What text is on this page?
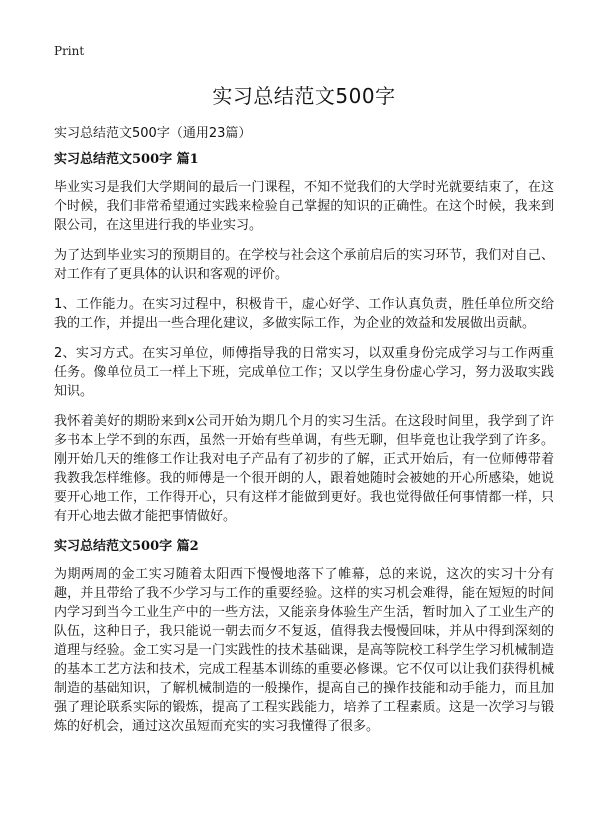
Print
实习总结范文500字

实习总结范文500字（通用23篇）

实习总结范文500字 篇1

毕业实习是我们大学期间的最后一门课程，不知不觉我们的大学时光就要结束了，在这个时候，我们非常希望通过实践来检验自己掌握的知识的正确性。在这个时候，我来到限公司，在这里进行我的毕业实习。

为了达到毕业实习的预期目的。在学校与社会这个承前启后的实习环节，我们对自己、对工作有了更具体的认识和客观的评价。

1、工作能力。在实习过程中，积极肯干，虚心好学、工作认真负责，胜任单位所交给我的工作，并提出一些合理化建议，多做实际工作，为企业的效益和发展做出贡献。

2、实习方式。在实习单位，师傅指导我的日常实习，以双重身份完成学习与工作两重任务。像单位员工一样上下班，完成单位工作；又以学生身份虚心学习，努力汲取实践知识。

我怀着美好的期盼来到x公司开始为期几个月的实习生活。在这段时间里，我学到了许多书本上学不到的东西，虽然一开始有些单调，有些无聊，但毕竟也让我学到了许多。刚开始几天的维修工作让我对电子产品有了初步的了解，正式开始后，有一位师傅带着我教我怎样维修。我的师傅是一个很开朗的人，跟着她随时会被她的开心所感染，她说要开心地工作，工作得开心，只有这样才能做到更好。我也觉得做任何事情都一样，只有开心地去做才能把事情做好。

实习总结范文500字 篇2

为期两周的金工实习随着太阳西下慢慢地落下了帷幕，总的来说，这次的实习十分有趣，并且带给了我不少学习与工作的重要经验。这样的实习机会难得，能在短短的时间内学习到当今工业生产中的一些方法，又能亲身体验生产生活，暂时加入了工业生产的队伍，这种日子，我只能说一朝去而夕不复返，值得我去慢慢回味，并从中得到深刻的道理与经验。金工实习是一门实践性的技术基础课，是高等院校工科学生学习机械制造的基本工艺方法和技术，完成工程基本训练的重要必修课。它不仅可以让我们获得机械制造的基础知识，了解机械制造的一般操作，提高自己的操作技能和动手能力，而且加强了理论联系实际的锻炼，提高了工程实践能力，培养了工程素质。这是一次学习与锻炼的好机会，通过这次虽短而充实的实习我懂得了很多。
